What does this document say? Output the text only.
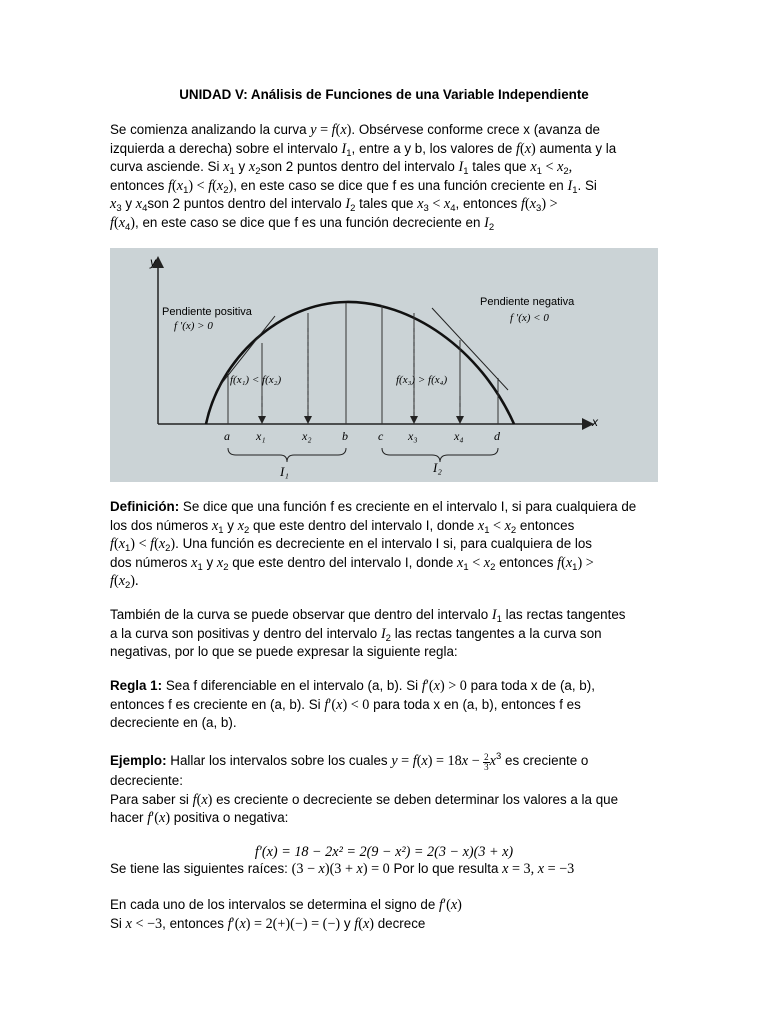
UNIDAD V: Análisis de Funciones de una Variable Independiente
Se comienza analizando la curva y = f(x). Obsérvese conforme crece x (avanza de
izquierda a derecha) sobre el intervalo $I_1$, entre a y b, los valores de f(x) aumenta y la
curva asciende. Si $x_1$ y $x_2son$ 2 puntos dentro del intervalo $I_1$ tales que $x_1 < x_2$,
entonces $f(x_1) < f(x_2)$, en este caso se dice que f es una función creciente en $I_1$. Si
$x_3$ y $x_4son$ 2 puntos dentro del intervalo $I_2$ tales que $x_3 < x_4$, entonces $f(x_3)$ >
$f(x_4)$, en este caso se dice que f es una función decreciente en $I_2$
y
x
Pendiente positiva
f ′(x) > 0
Pendiente negativa
f ′(x) < 0
f(x₁) < f(x₂)	f(x₃) > f(x₄)
a x₁	x₂	b	c x₃	x₄	d
I₁	I₂
Definición: Se dice que una función f es creciente en el intervalo I, si para cualquiera de
los dos números $x_1$ y $x_2$ que este dentro del intervalo I, donde $x_1 < x_2$ entonces
$f(x_1) < f(x_2)$. Una función es decreciente en el intervalo I si, para cualquiera de los
dos números $x_1$ y $x_2$ que este dentro del intervalo I, donde $x_1 < x_2$ entonces $f(x_1)$ >
$f(x_2)$.
También de la curva se puede observar que dentro del intervalo $I_1$ las rectas tangentes
a la curva son positivas y dentro del intervalo $I_2$ las rectas tangentes a la curva son
negativas, por lo que se puede expresar la siguiente regla:
Regla 1: Sea f diferenciable en el intervalo (a, b). Si f′(x) > 0 para toda x de (a, b),
entonces f es creciente en (a, b). Si f′(x) < 0 para toda x en (a, b), entonces f es
decreciente en (a, b).
Ejemplo: Hallar los intervalos sobre los cuales $y = f(x) = 18x - \frac{2}{3} x^3$ es creciente o
decreciente:
Para saber si f(x) es creciente o decreciente se deben determinar los valores a la que
hacer f′(x) positiva o negativa:
f′(x) = 18 − 2x² = 2(9 − x²) = 2(3 − x)(3 + x)
Se tiene las siguientes raíces: (3 − x)(3 + x) = 0 Por lo que resulta x = 3, x = −3
En cada uno de los intervalos se determina el signo de f′(x)
Si x < −3, entonces f′(x) = 2(+)(−) = (−) y f(x) decrece
